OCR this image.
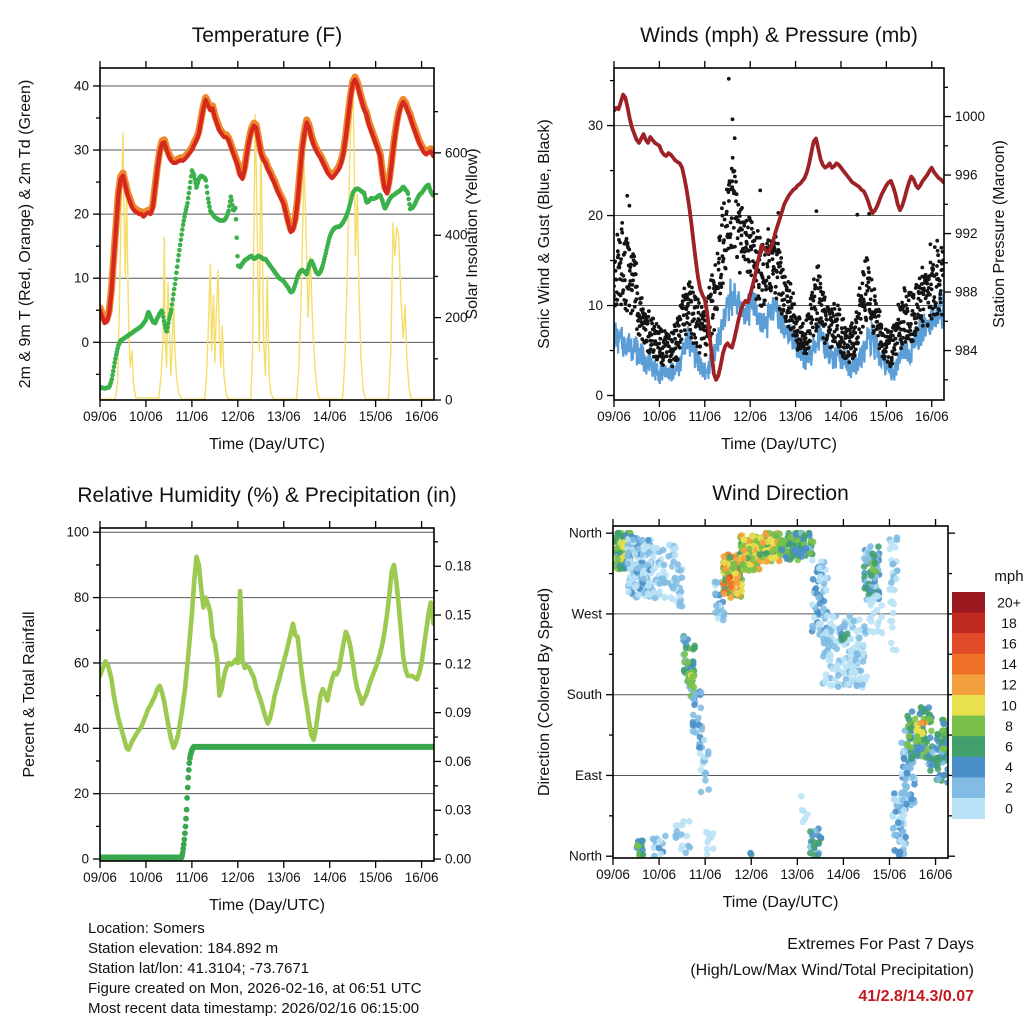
09/06 10/06 11/06 12/06 13/06 14/06 15/06 16/06
0
10
20
30
40
0
200
400
600
Temperature (F)
Time (Day/UTC)
2m & 9m T (Red, Orange) & 2m Td (Green)	Solar Insolation (Yellow)
09/06 10/06 11/06 12/06 13/06 14/06 15/06 16/06
0
10
20
30
984
988
992
996
1000
Winds (mph) & Pressure (mb)
Time (Day/UTC)
Sonic Wind & Gust (Blue, Black)	Station Pressure (Maroon)
09/06 10/06 11/06 12/06 13/06 14/06 15/06 16/06
0
20
40
60
80
100
0.00
0.03
0.06
0.09
0.12
0.15
0.18
Relative Humidity (%) & Precipitation (in)
Time (Day/UTC)
Percent & Total Rainfall
09/06 10/06 11/06 12/06 13/06 14/06 15/06 16/06
North
East
South
West
North
Wind Direction
Time (Day/UTC)
Direction (Colored By Speed)
mph
20+
18
16
14
12
10
8
6
4
2
0
Location: Somers
Station elevation: 184.892 m
Station lat/lon: 41.3104; -73.7671
Figure created on Mon, 2026-02-16, at 06:51 UTC
Most recent data timestamp: 2026/02/16 06:15:00
Extremes For Past 7 Days
(High/Low/Max Wind/Total Precipitation)
41/2.8/14.3/0.07
